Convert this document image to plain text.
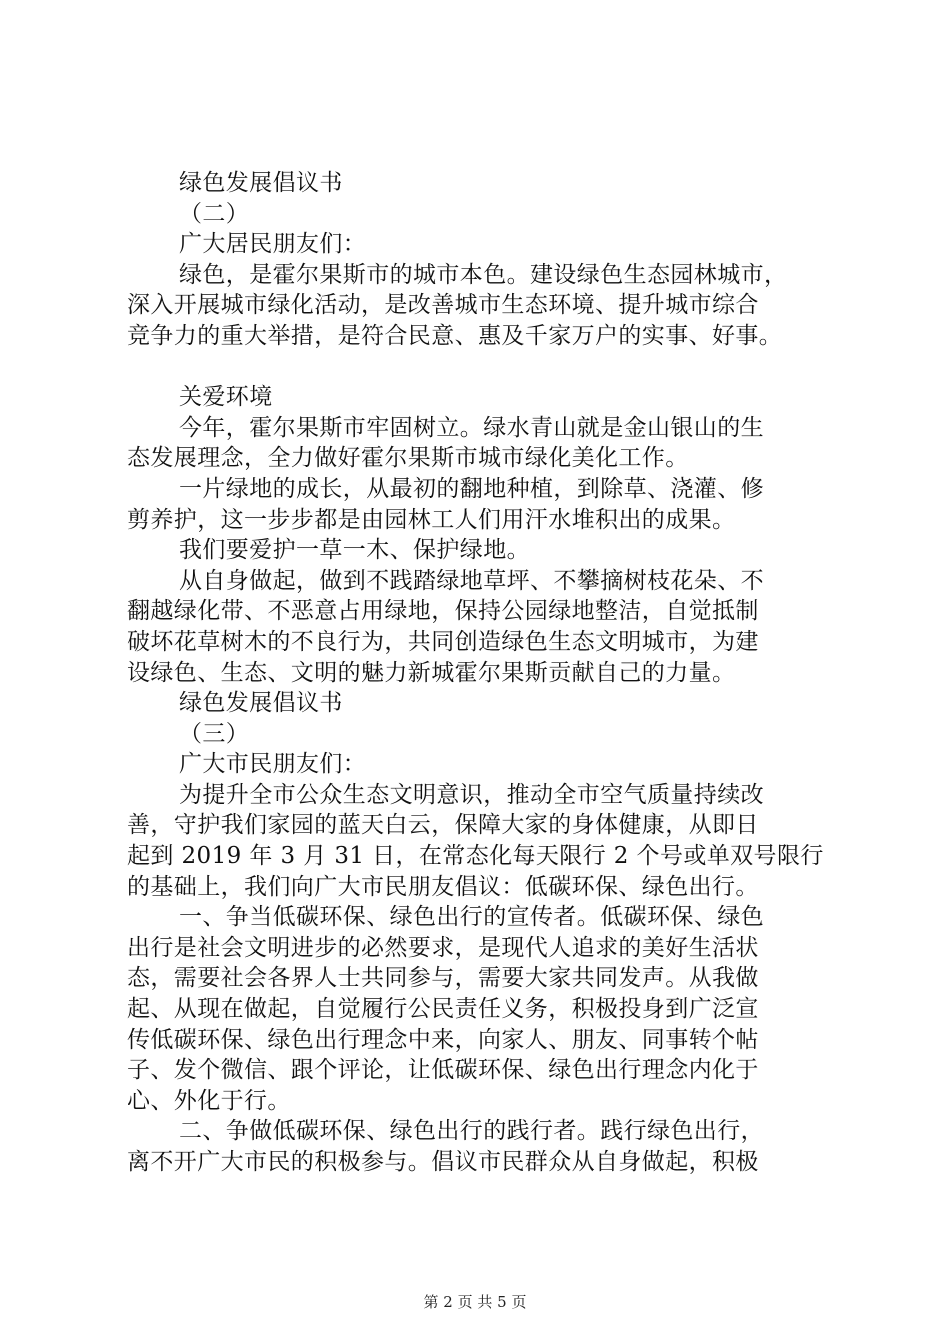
绿色发展倡议书
（二）
广大居民朋友们：
绿色，是霍尔果斯市的城市本色。建设绿色生态园林城市，
深入开展城市绿化活动，是改善城市生态环境、提升城市综合
竞争力的重大举措，是符合民意、惠及千家万户的实事、好事。
关爱环境
今年，霍尔果斯市牢固树立。绿水青山就是金山银山的生
态发展理念，全力做好霍尔果斯市城市绿化美化工作。
一片绿地的成长，从最初的翻地种植，到除草、浇灌、修
剪养护，这一步步都是由园林工人们用汗水堆积出的成果。
我们要爱护一草一木、保护绿地。
从自身做起，做到不践踏绿地草坪、不攀摘树枝花朵、不
翻越绿化带、不恶意占用绿地，保持公园绿地整洁，自觉抵制
破坏花草树木的不良行为，共同创造绿色生态文明城市，为建
设绿色、生态、文明的魅力新城霍尔果斯贡献自己的力量。
绿色发展倡议书
（三）
广大市民朋友们：
为提升全市公众生态文明意识，推动全市空气质量持续改
善，守护我们家园的蓝天白云，保障大家的身体健康，从即日
起到 2019 年 3 月 31 日，在常态化每天限行 2 个号或单双号限行
的基础上，我们向广大市民朋友倡议：低碳环保、绿色出行。
一、争当低碳环保、绿色出行的宣传者。低碳环保、绿色
出行是社会文明进步的必然要求，是现代人追求的美好生活状
态，需要社会各界人士共同参与，需要大家共同发声。从我做
起、从现在做起，自觉履行公民责任义务，积极投身到广泛宣
传低碳环保、绿色出行理念中来，向家人、朋友、同事转个帖
子、发个微信、跟个评论，让低碳环保、绿色出行理念内化于
心、外化于行。
二、争做低碳环保、绿色出行的践行者。践行绿色出行，
离不开广大市民的积极参与。倡议市民群众从自身做起，积极
第 2 页 共 5 页
